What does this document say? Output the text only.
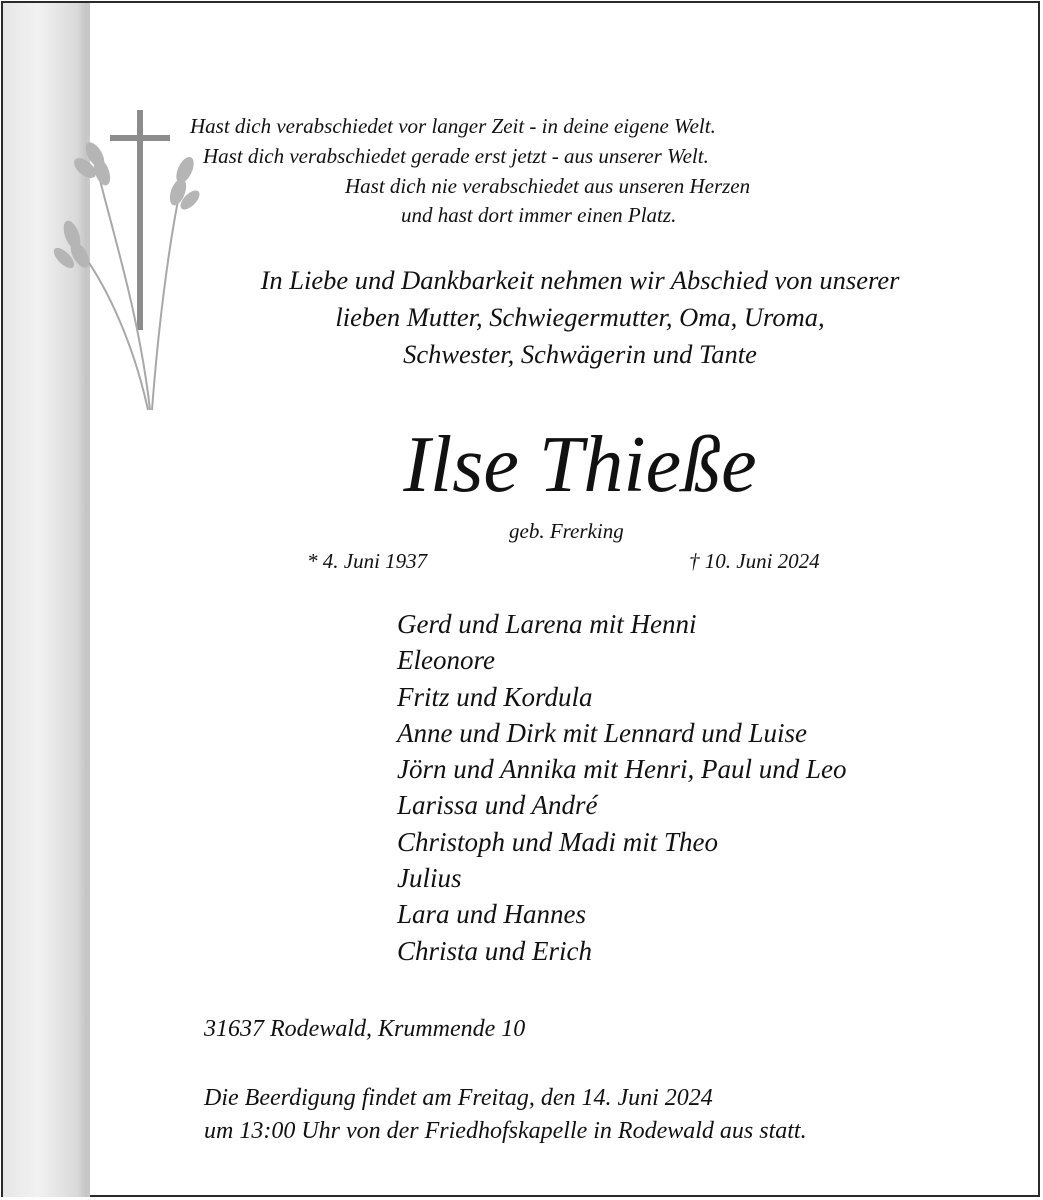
Hast dich verabschiedet vor langer Zeit - in deine eigene Welt.
Hast dich verabschiedet gerade erst jetzt - aus unserer Welt.
Hast dich nie verabschiedet aus unseren Herzen
und hast dort immer einen Platz.
In Liebe und Dankbarkeit nehmen wir Abschied von unserer
lieben Mutter, Schwiegermutter, Oma, Uroma,
Schwester, Schwägerin und Tante
Ilse Thieße
geb. Frerking
* 4. Juni 1937	† 10. Juni 2024
Gerd und Larena mit Henni
Eleonore
Fritz und Kordula
Anne und Dirk mit Lennard und Luise
Jörn und Annika mit Henri, Paul und Leo
Larissa und André
Christoph und Madi mit Theo
Julius
Lara und Hannes
Christa und Erich
31637 Rodewald, Krummende 10
Die Beerdigung findet am Freitag, den 14. Juni 2024
um 13:00 Uhr von der Friedhofskapelle in Rodewald aus statt.
